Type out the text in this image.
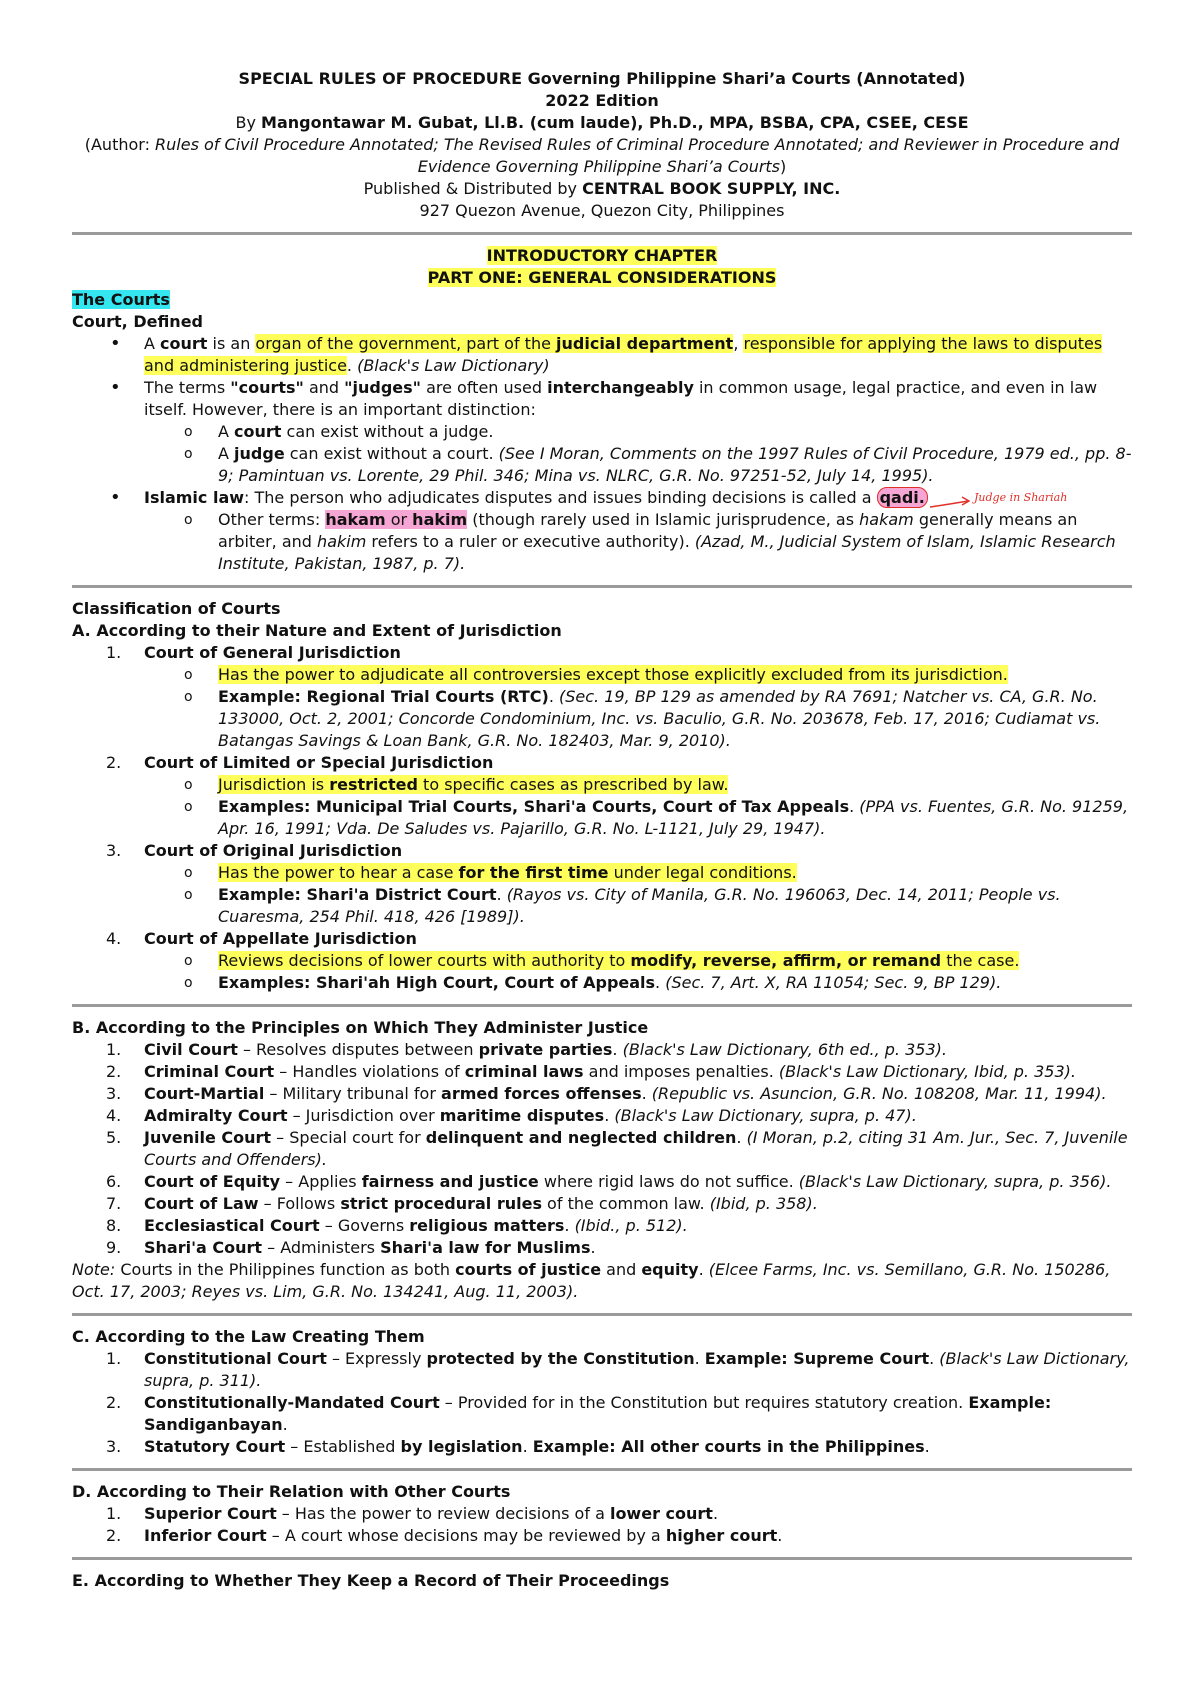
SPECIAL RULES OF PROCEDURE Governing Philippine Shari’a Courts (Annotated)
2022 Edition
By Mangontawar M. Gubat, Ll.B. (cum laude), Ph.D., MPA, BSBA, CPA, CSEE, CESE
(Author: Rules of Civil Procedure Annotated; The Revised Rules of Criminal Procedure Annotated; and Reviewer in Procedure and Evidence Governing Philippine Shari’a Courts)
Published & Distributed by CENTRAL BOOK SUPPLY, INC.
927 Quezon Avenue, Quezon City, Philippines
INTRODUCTORY CHAPTER
PART ONE: GENERAL CONSIDERATIONS
The Courts
Court, Defined
• A court is an organ of the government, part of the judicial department, responsible for applying the laws to disputes and administering justice. (Black's Law Dictionary)
• The terms "courts" and "judges" are often used interchangeably in common usage, legal practice, and even in law itself. However, there is an important distinction:
o A court can exist without a judge.
o A judge can exist without a court. (See I Moran, Comments on the 1997 Rules of Civil Procedure, 1979 ed., pp. 8-9; Pamintuan vs. Lorente, 29 Phil. 346; Mina vs. NLRC, G.R. No. 97251-52, July 14, 1995).
• Islamic law: The person who adjudicates disputes and issues binding decisions is called a qadi.
o Other terms: hakam or hakim (though rarely used in Islamic jurisprudence, as hakam generally means an arbiter, and hakim refers to a ruler or executive authority). (Azad, M., Judicial System of Islam, Islamic Research Institute, Pakistan, 1987, p. 7).
Classification of Courts
A. According to their Nature and Extent of Jurisdiction
1. Court of General Jurisdiction
o Has the power to adjudicate all controversies except those explicitly excluded from its jurisdiction.
o Example: Regional Trial Courts (RTC). (Sec. 19, BP 129 as amended by RA 7691; Natcher vs. CA, G.R. No. 133000, Oct. 2, 2001; Concorde Condominium, Inc. vs. Baculio, G.R. No. 203678, Feb. 17, 2016; Cudiamat vs. Batangas Savings & Loan Bank, G.R. No. 182403, Mar. 9, 2010).
2. Court of Limited or Special Jurisdiction
o Jurisdiction is restricted to specific cases as prescribed by law.
o Examples: Municipal Trial Courts, Shari'a Courts, Court of Tax Appeals. (PPA vs. Fuentes, G.R. No. 91259, Apr. 16, 1991; Vda. De Saludes vs. Pajarillo, G.R. No. L-1121, July 29, 1947).
3. Court of Original Jurisdiction
o Has the power to hear a case for the first time under legal conditions.
o Example: Shari'a District Court. (Rayos vs. City of Manila, G.R. No. 196063, Dec. 14, 2011; People vs. Cuaresma, 254 Phil. 418, 426 [1989]).
4. Court of Appellate Jurisdiction
o Reviews decisions of lower courts with authority to modify, reverse, affirm, or remand the case.
o Examples: Shari'ah High Court, Court of Appeals. (Sec. 7, Art. X, RA 11054; Sec. 9, BP 129).
B. According to the Principles on Which They Administer Justice
1. Civil Court – Resolves disputes between private parties. (Black's Law Dictionary, 6th ed., p. 353).
2. Criminal Court – Handles violations of criminal laws and imposes penalties. (Black's Law Dictionary, Ibid, p. 353).
3. Court-Martial – Military tribunal for armed forces offenses. (Republic vs. Asuncion, G.R. No. 108208, Mar. 11, 1994).
4. Admiralty Court – Jurisdiction over maritime disputes. (Black's Law Dictionary, supra, p. 47).
5. Juvenile Court – Special court for delinquent and neglected children. (I Moran, p.2, citing 31 Am. Jur., Sec. 7, Juvenile Courts and Offenders).
6. Court of Equity – Applies fairness and justice where rigid laws do not suffice. (Black's Law Dictionary, supra, p. 356).
7. Court of Law – Follows strict procedural rules of the common law. (Ibid, p. 358).
8. Ecclesiastical Court – Governs religious matters. (Ibid., p. 512).
9. Shari'a Court – Administers Shari'a law for Muslims.
Note: Courts in the Philippines function as both courts of justice and equity. (Elcee Farms, Inc. vs. Semillano, G.R. No. 150286, Oct. 17, 2003; Reyes vs. Lim, G.R. No. 134241, Aug. 11, 2003).
C. According to the Law Creating Them
1. Constitutional Court – Expressly protected by the Constitution. Example: Supreme Court. (Black's Law Dictionary, supra, p. 311).
2. Constitutionally-Mandated Court – Provided for in the Constitution but requires statutory creation. Example: Sandiganbayan.
3. Statutory Court – Established by legislation. Example: All other courts in the Philippines.
D. According to Their Relation with Other Courts
1. Superior Court – Has the power to review decisions of a lower court.
2. Inferior Court – A court whose decisions may be reviewed by a higher court.
E. According to Whether They Keep a Record of Their Proceedings
Judge in Shariah
